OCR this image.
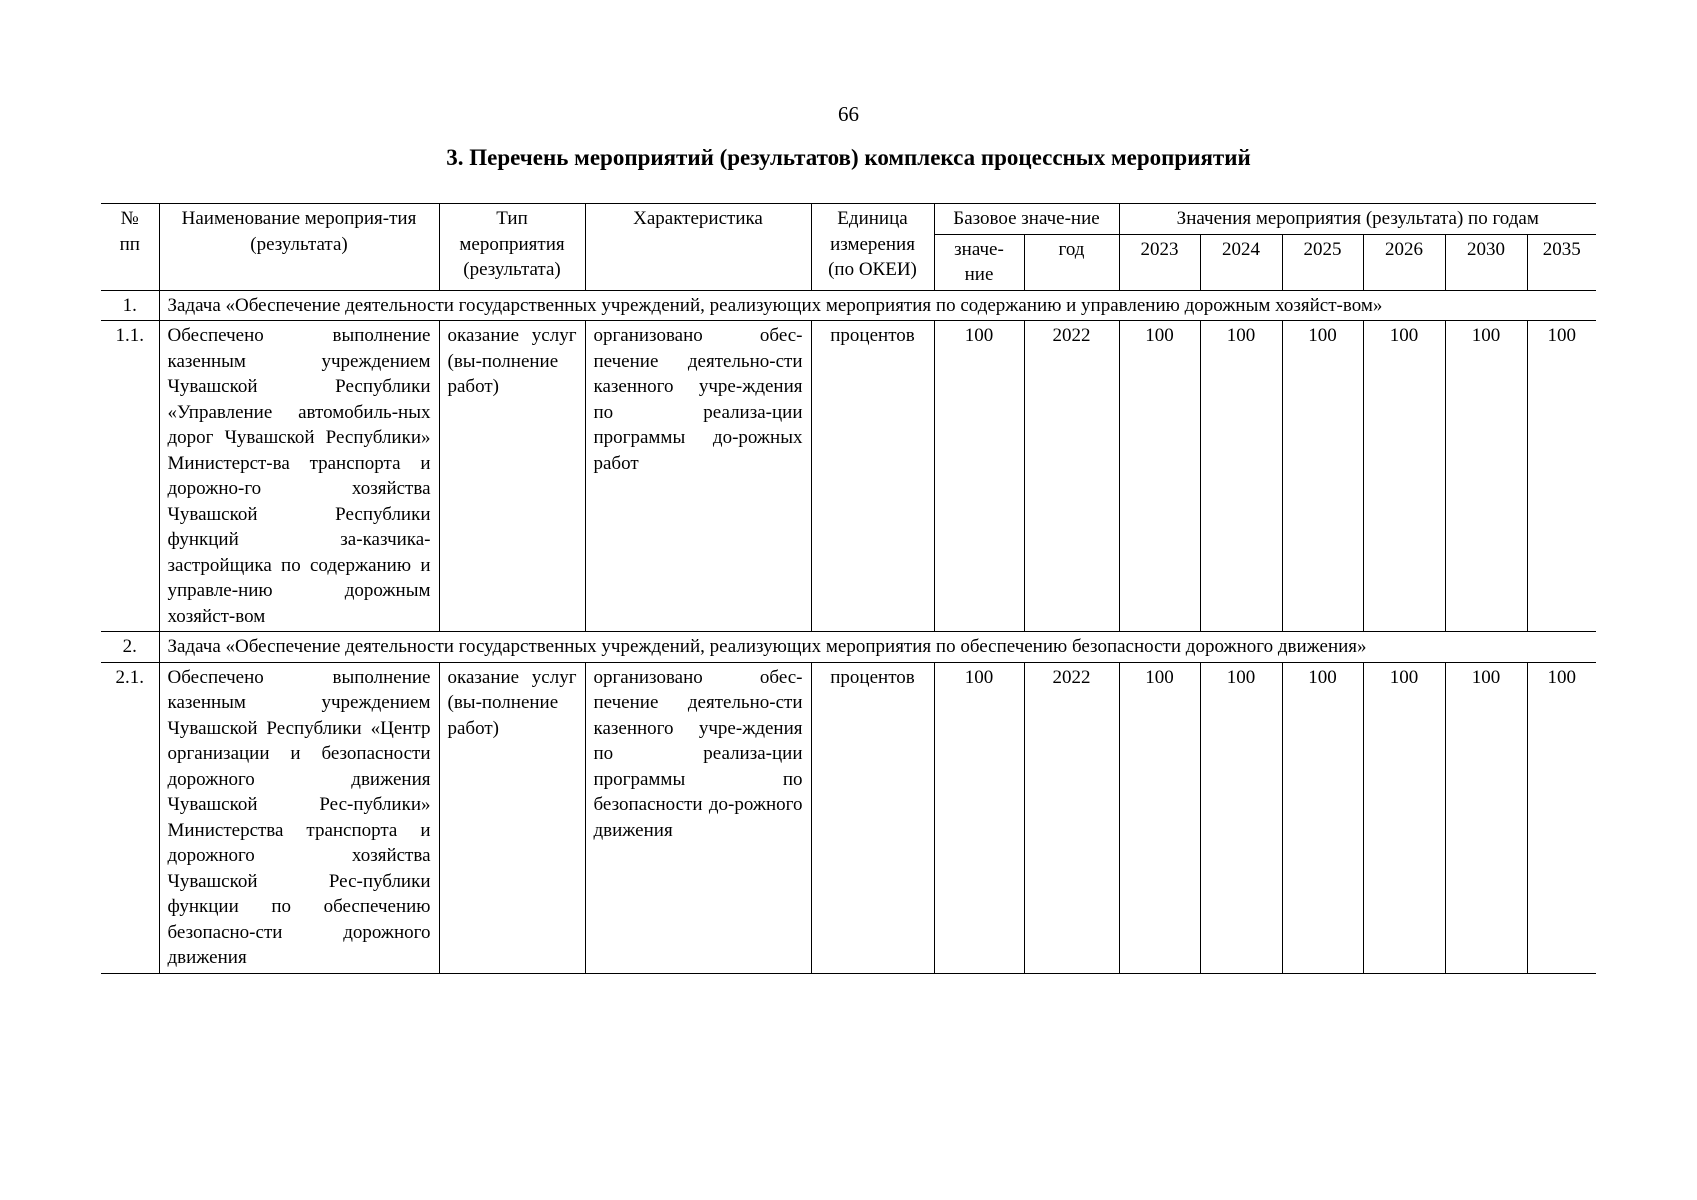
66
3. Перечень мероприятий (результатов) комплекса процессных мероприятий
№ пп	Наименование мероприя-тия (результата)	Тип мероприятия (результата)	Характеристика	Единица измерения (по ОКЕИ)	Базовое значе-ние		Значения мероприятия (результата) по годам					
					значе-ние	год	2023	2024	2025	2026	2030	2035
1.	Задача «Обеспечение деятельности государственных учреждений, реализующих мероприятия по содержанию и управлению дорожным хозяйст-вом»											
1.1.	Обеспечено выполнение казенным учреждением Чувашской Республики «Управление автомобиль-ных дорог Чувашской Республики» Министерст-ва транспорта и дорожно-го хозяйства Чувашской Республики функций за-казчика-застройщика по содержанию и управле-нию дорожным хозяйст-вом	оказание услуг (вы-полнение работ)	организовано обес-печение деятельно-сти казенного учре-ждения по реализа-ции программы до-рожных работ	процентов	100	2022	100	100	100	100	100	100
2.	Задача «Обеспечение деятельности государственных учреждений, реализующих мероприятия по обеспечению безопасности дорожного движения»											
2.1.	Обеспечено выполнение казенным учреждением Чувашской Республики «Центр организации и безопасности дорожного движения Чувашской Рес-публики» Министерства транспорта и дорожного хозяйства Чувашской Рес-публики функции по обеспечению безопасно-сти дорожного движения	оказание услуг (вы-полнение работ)	организовано обес-печение деятельно-сти казенного учре-ждения по реализа-ции программы по безопасности до-рожного движения	процентов	100	2022	100	100	100	100	100	100
